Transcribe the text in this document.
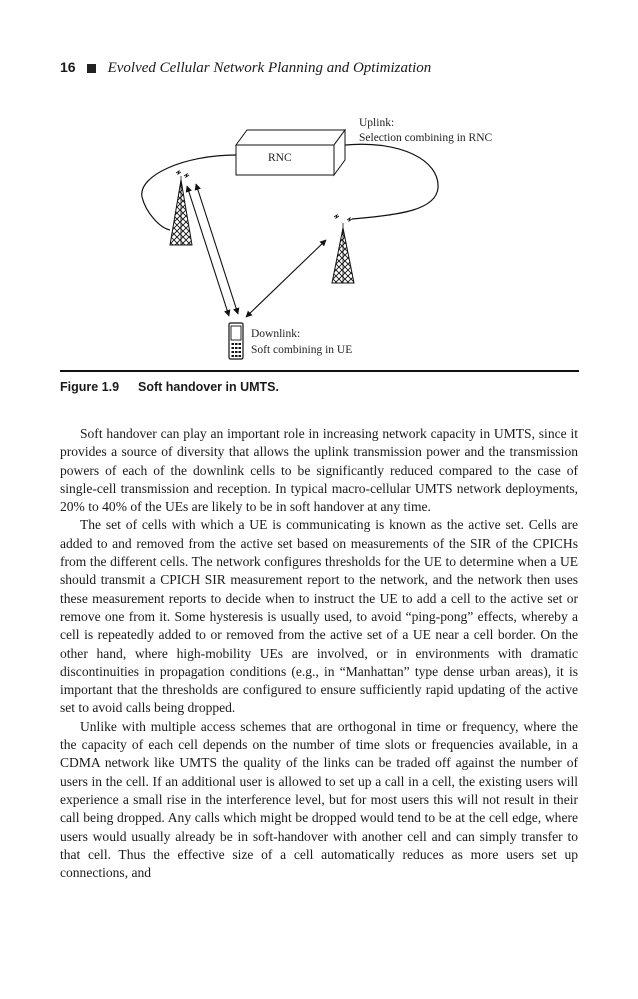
16 Evolved Cellular Network Planning and Optimization
RNC
Uplink:
Selection combining in RNC
Downlink:
Soft combining in UE
Figure 1.9 Soft handover in UMTS.

Soft handover can play an important role in increasing network capacity in UMTS, since it provides a source of diversity that allows the uplink transmission power and the transmission powers of each of the downlink cells to be significantly reduced compared to the case of single-cell transmission and reception. In typical macro-cellular UMTS network deployments, 20% to 40% of the UEs are likely to be in soft handover at any time.

The set of cells with which a UE is communicating is known as the active set. Cells are added to and removed from the active set based on measurements of the SIR of the CPICHs from the different cells. The network configures thresholds for the UE to determine when a UE should transmit a CPICH SIR measurement report to the network, and the network then uses these measurement reports to decide when to instruct the UE to add a cell to the active set or remove one from it. Some hysteresis is usually used, to avoid “ping-pong” effects, whereby a cell is repeatedly added to or removed from the active set of a UE near a cell border. On the other hand, where high-mobility UEs are involved, or in environments with dramatic discontinuities in propagation conditions (e.g., in “Manhattan” type dense urban areas), it is important that the thresholds are configured to ensure sufficiently rapid updating of the active set to avoid calls being dropped.

Unlike with multiple access schemes that are orthogonal in time or frequency, where the the capacity of each cell depends on the number of time slots or frequencies available, in a CDMA network like UMTS the quality of the links can be traded off against the number of users in the cell. If an additional user is allowed to set up a call in a cell, the existing users will experience a small rise in the interference level, but for most users this will not result in their call being dropped. Any calls which might be dropped would tend to be at the cell edge, where users would usually already be in soft-handover with another cell and can simply transfer to that cell. Thus the effective size of a cell automatically reduces as more users set up connections, and
